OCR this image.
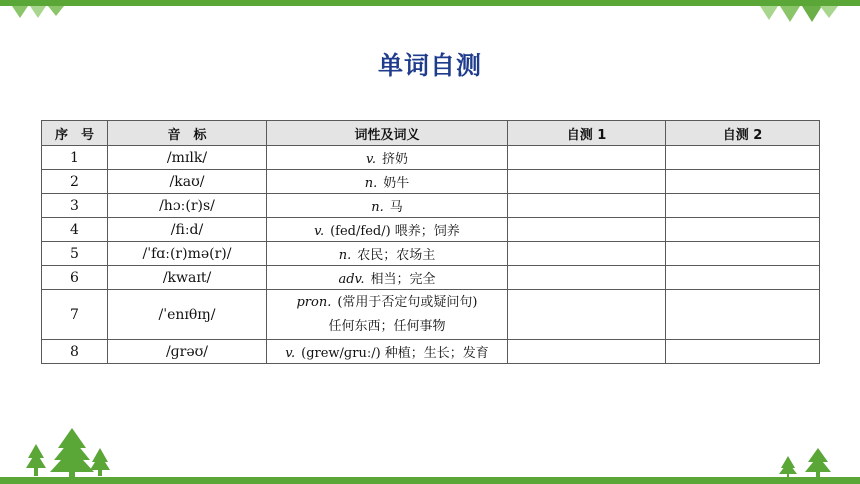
单词自测
序　号	音　标	词性及词义	自测 1	自测 2
1	/mɪlk/	v. 挤奶		
2	/kaʊ/	n. 奶牛		
3	/hɔː(r)s/	n. 马		
4	/fiːd/	v. (fed/fed/) 喂养；饲养		
5	/ˈfɑː(r)mə(r)/	n. 农民；农场主		
6	/kwaɪt/	adv. 相当；完全		
7	/ˈenɪθɪŋ/	pron. (常用于否定句或疑问句)
任何东西；任何事物		

8	/ɡrəʊ/	v. (grew/ɡruː/) 种植；生长；发育		
